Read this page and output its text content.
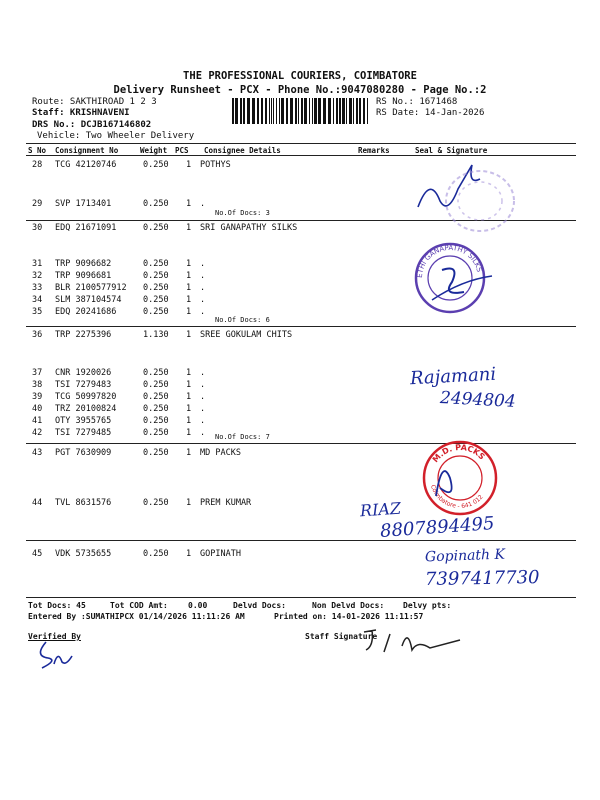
THE PROFESSIONAL COURIERS, COIMBATORE
Delivery Runsheet - PCX - Phone No.:9047080280 - Page No.:2
Route: SAKTHIROAD 1 2 3
Staff: KRISHNAVENI
DRS No.: DCJB167146802
Vehicle: Two Wheeler Delivery
RS No.: 1671468
RS Date: 14-Jan-2026
S No Consignment No	Weight PCS Consignee Details	Remarks	Seal & Signature
28 TCG 42120746	0.250 1 POTHYS
29 SVP 1713401	0.250 1 .
30 EDQ 21671091	0.250 1 SRI GANAPATHY SILKS
31 TRP 9096682	0.250 1 .
32 TRP 9096681	0.250 1 .
33 BLR 2100577912 0.250 1 .
34 SLM 387104574	0.250 1 .
35 EDQ 20241686	0.250 1 .
36 TRP 2275396	1.130 1 SREE GOKULAM CHITS
37 CNR 1920026	0.250 1 .
38 TSI 7279483	0.250 1 .
39 TCG 50997820	0.250 1 .
40 TRZ 20100824	0.250 1 .
41 OTY 3955765	0.250 1 .
42 TSI 7279485	0.250 1 .
43 PGT 7630909	0.250 1 MD PACKS
44 TVL 8631576	0.250 1 PREM KUMAR
45 VDK 5735655	0.250 1 GOPINATH
No.Of Docs: 3
No.Of Docs: 6
No.Of Docs: 7
ETHI GANAPATHY SILKS
Rajamani
2494804
M.D. PACKS
Coimbatore - 641 012
RIAZ
8807894495
Gopinath K
7397417730
Tot Docs: 45	Tot COD Amt:	0.00	Delvd Docs:	Non Delvd Docs: Delvy pts:
Entered By :SUMATHIPCX 01/14/2026 11:11:26 AM	Printed on: 14-01-2026 11:11:57
Verified By	Staff Signature
